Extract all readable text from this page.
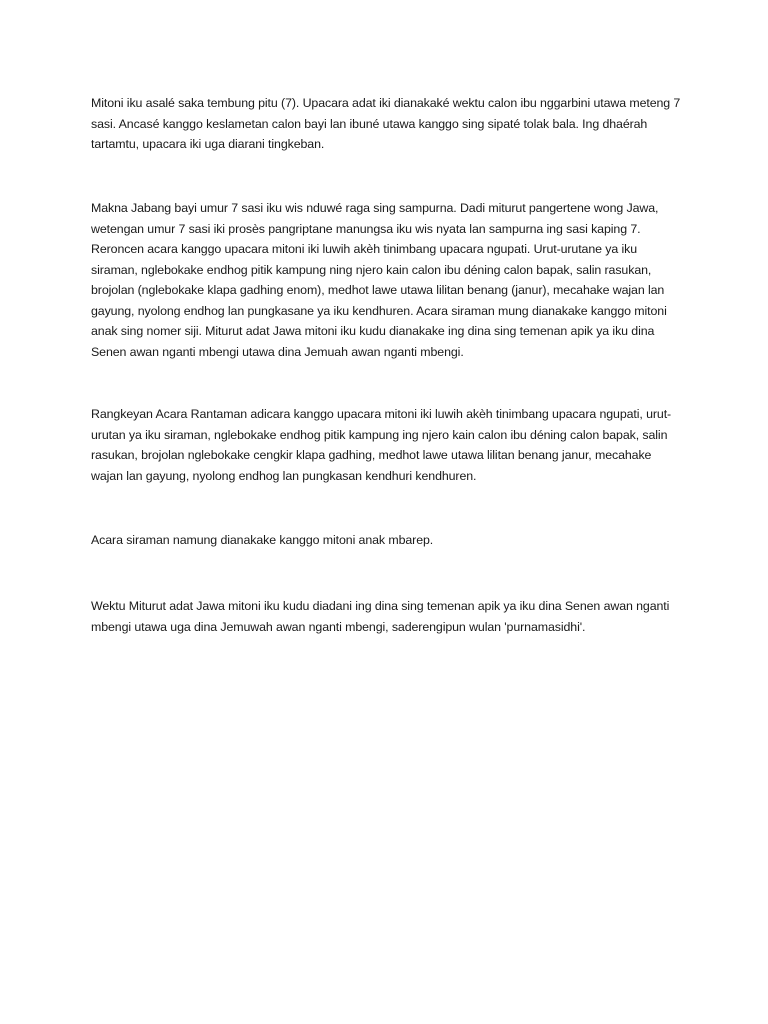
Mitoni iku asalé saka tembung pitu (7). Upacara adat iki dianakaké wektu calon ibu nggarbini utawa meteng 7 sasi. Ancasé kanggo keslametan calon bayi lan ibuné utawa kanggo sing sipaté tolak bala. Ing dhaérah tartamtu, upacara iki uga diarani tingkeban.

Makna Jabang bayi umur 7 sasi iku wis nduwé raga sing sampurna. Dadi miturut pangertene wong Jawa, wetengan umur 7 sasi iki prosès pangriptane manungsa iku wis nyata lan sampurna ing sasi kaping 7. Reroncen acara kanggo upacara mitoni iki luwih akèh tinimbang upacara ngupati. Urut-urutane ya iku siraman, nglebokake endhog pitik kampung ning njero kain calon ibu déning calon bapak, salin rasukan, brojolan (nglebokake klapa gadhing enom), medhot lawe utawa lilitan benang (janur), mecahake wajan lan gayung, nyolong endhog lan pungkasane ya iku kendhuren. Acara siraman mung dianakake kanggo mitoni anak sing nomer siji. Miturut adat Jawa mitoni iku kudu dianakake ing dina sing temenan apik ya iku dina Senen awan nganti mbengi utawa dina Jemuah awan nganti mbengi.

Rangkeyan Acara Rantaman adicara kanggo upacara mitoni iki luwih akèh tinimbang upacara ngupati, urut-urutan ya iku siraman, nglebokake endhog pitik kampung ing njero kain calon ibu déning calon bapak, salin rasukan, brojolan nglebokake cengkir klapa gadhing, medhot lawe utawa lilitan benang janur, mecahake wajan lan gayung, nyolong endhog lan pungkasan kendhuri kendhuren.

Acara siraman namung dianakake kanggo mitoni anak mbarep.

Wektu Miturut adat Jawa mitoni iku kudu diadani ing dina sing temenan apik ya iku dina Senen awan nganti mbengi utawa uga dina Jemuwah awan nganti mbengi, saderengipun wulan 'purnamasidhi'.
